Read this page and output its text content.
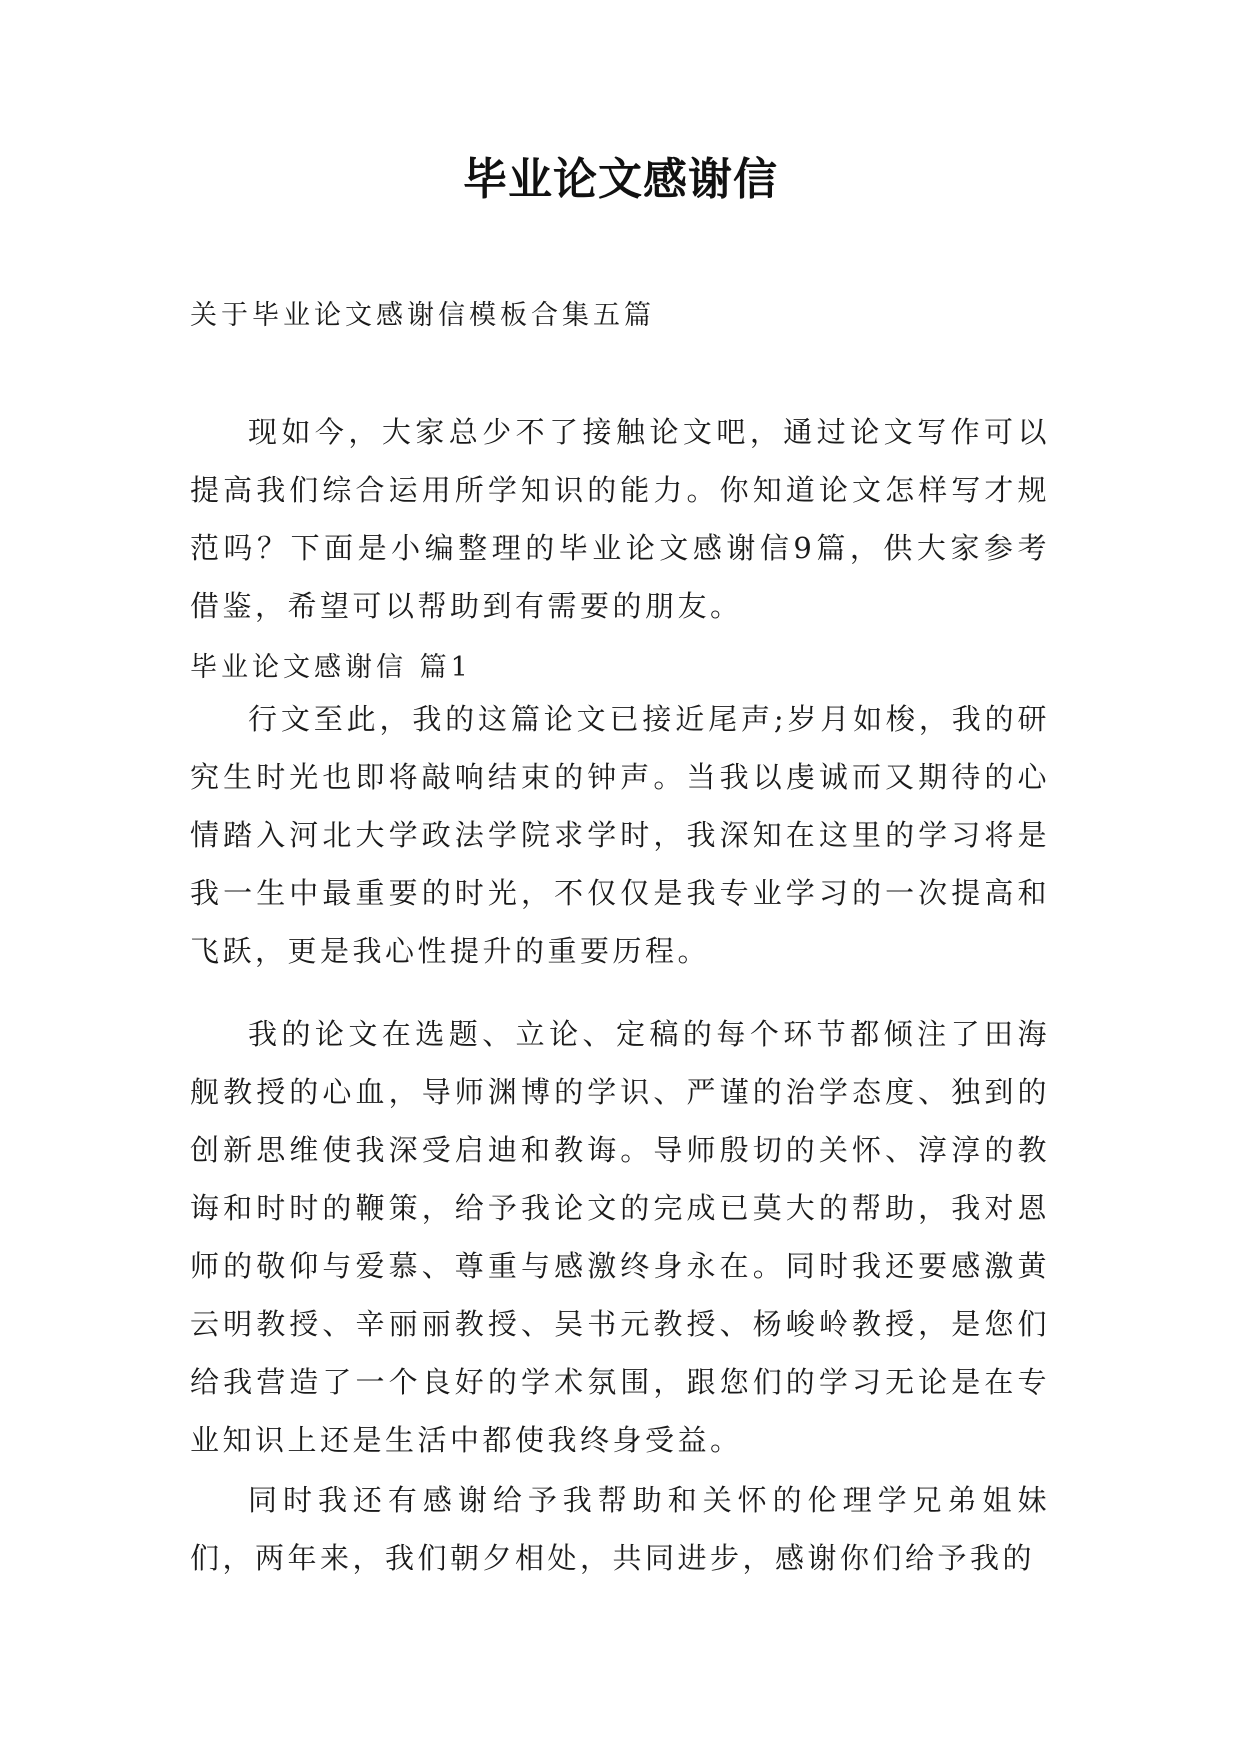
毕业论文感谢信
关于毕业论文感谢信模板合集五篇

现如今，大家总少不了接触论文吧，通过论文写作可以提高我们综合运用所学知识的能力。你知道论文怎样写才规范吗？下面是小编整理的毕业论文感谢信9篇，供大家参考借鉴，希望可以帮助到有需要的朋友。

毕业论文感谢信 篇1

行文至此，我的这篇论文已接近尾声;岁月如梭，我的研究生时光也即将敲响结束的钟声。当我以虔诚而又期待的心情踏入河北大学政法学院求学时，我深知在这里的学习将是我一生中最重要的时光，不仅仅是我专业学习的一次提高和飞跃，更是我心性提升的重要历程。

我的论文在选题、立论、定稿的每个环节都倾注了田海舰教授的心血，导师渊博的学识、严谨的治学态度、独到的创新思维使我深受启迪和教诲。导师殷切的关怀、淳淳的教诲和时时的鞭策，给予我论文的完成已莫大的帮助，我对恩师的敬仰与爱慕、尊重与感激终身永在。同时我还要感激黄云明教授、辛丽丽教授、吴书元教授、杨峻岭教授，是您们给我营造了一个良好的学术氛围，跟您们的学习无论是在专业知识上还是生活中都使我终身受益。

同时我还有感谢给予我帮助和关怀的伦理学兄弟姐妹们，两年来，我们朝夕相处，共同进步，感谢你们给予我的
